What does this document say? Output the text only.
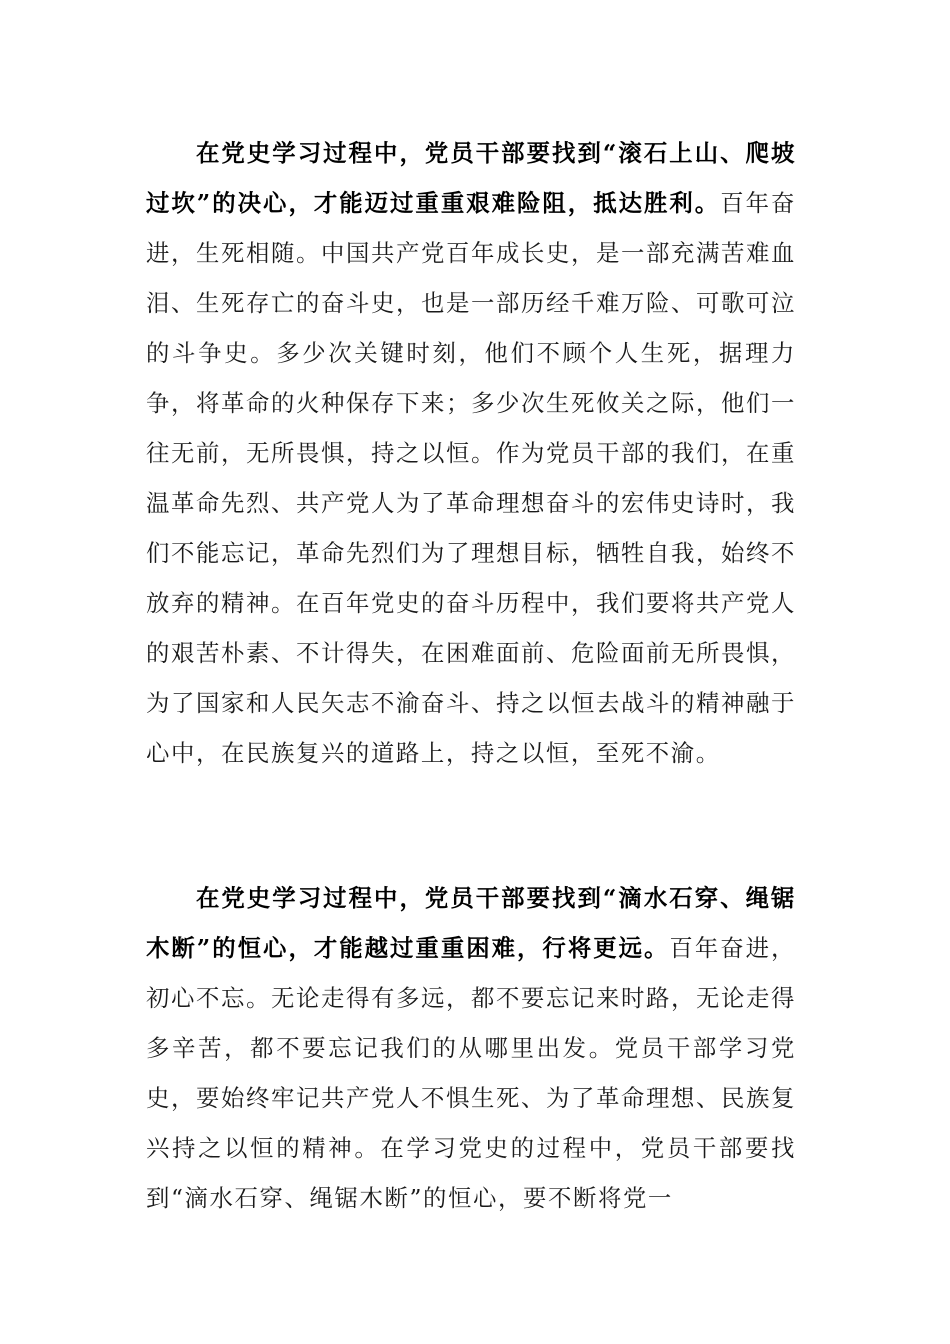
在党史学习过程中，党员干部要找到“滚石上山、爬坡过坎”的决心，才能迈过重重艰难险阻，抵达胜利。百年奋进，生死相随。中国共产党百年成长史，是一部充满苦难血泪、生死存亡的奋斗史，也是一部历经千难万险、可歌可泣的斗争史。多少次关键时刻，他们不顾个人生死，据理力争，将革命的火种保存下来；多少次生死攸关之际，他们一往无前，无所畏惧，持之以恒。作为党员干部的我们，在重温革命先烈、共产党人为了革命理想奋斗的宏伟史诗时，我们不能忘记，革命先烈们为了理想目标，牺牲自我，始终不放弃的精神。在百年党史的奋斗历程中，我们要将共产党人的艰苦朴素、不计得失，在困难面前、危险面前无所畏惧，为了国家和人民矢志不渝奋斗、持之以恒去战斗的精神融于心中，在民族复兴的道路上，持之以恒，至死不渝。

在党史学习过程中，党员干部要找到“滴水石穿、绳锯木断”的恒心，才能越过重重困难，行将更远。百年奋进，初心不忘。无论走得有多远，都不要忘记来时路，无论走得多辛苦，都不要忘记我们的从哪里出发。党员干部学习党史，要始终牢记共产党人不惧生死、为了革命理想、民族复兴持之以恒的精神。在学习党史的过程中，党员干部要找到“滴水石穿、绳锯木断”的恒心，要不断将党一
